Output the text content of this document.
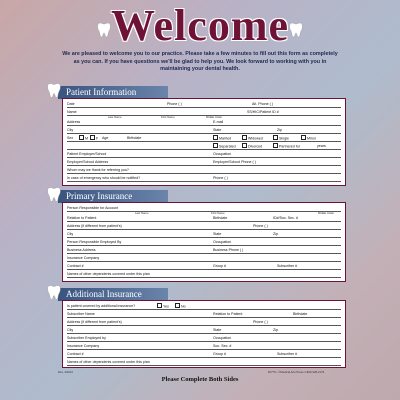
Welcome
We are pleased to welcome you to our practice. Please take a few minutes to fill out this form as completely as you can. If you have questions we'll be glad to help you. We look forward to working with you in maintaining your dental health.
Patient Information
Date	Phone ( )	Alt. Phone ( )
Name	SS/HIC/Patient ID #
Last Name	First Name	Middle Initial
Address	E-mail
City	State	Zip
Sex	M	F Age	Birthdate	Married	Widowed	Single	Minor
Separated	Divorced	Partnered for	years
Patient Employer/School	Occupation
Employer/School Address	Employer/School Phone ( )
Whom may we thank for referring you?
In case of emergency who should be notified?	Phone ( )
Primary Insurance
Person Responsible for Account
Last Name	First Name	Middle Initial
Relation to Patient	Birthdate	ID#/Soc. Sec. #
Address (if different from patient's)	Phone ( )
City	State	Zip
Person Responsible Employed By	Occupation
Business Address	Business Phone ( )
Insurance Company
Contract #	Group #	Subscriber #
Names of other dependents covered under this plan
Additional Insurance
Is patient covered by additional insurance?	Yes	No
Subscriber Name	Relation to Patient	Birthdate
Address (if different from patient's)	Phone ( )
City	State	Zip
Subscriber Employed by	Occupation
Insurance Company	Soc. Sec. #
Contract #	Group #	Subscriber #
Names of other dependents covered under this plan
Rev. 4/2012	#2775 • ©Medical Arts Press 1-800-328-2179
Please Complete Both Sides
